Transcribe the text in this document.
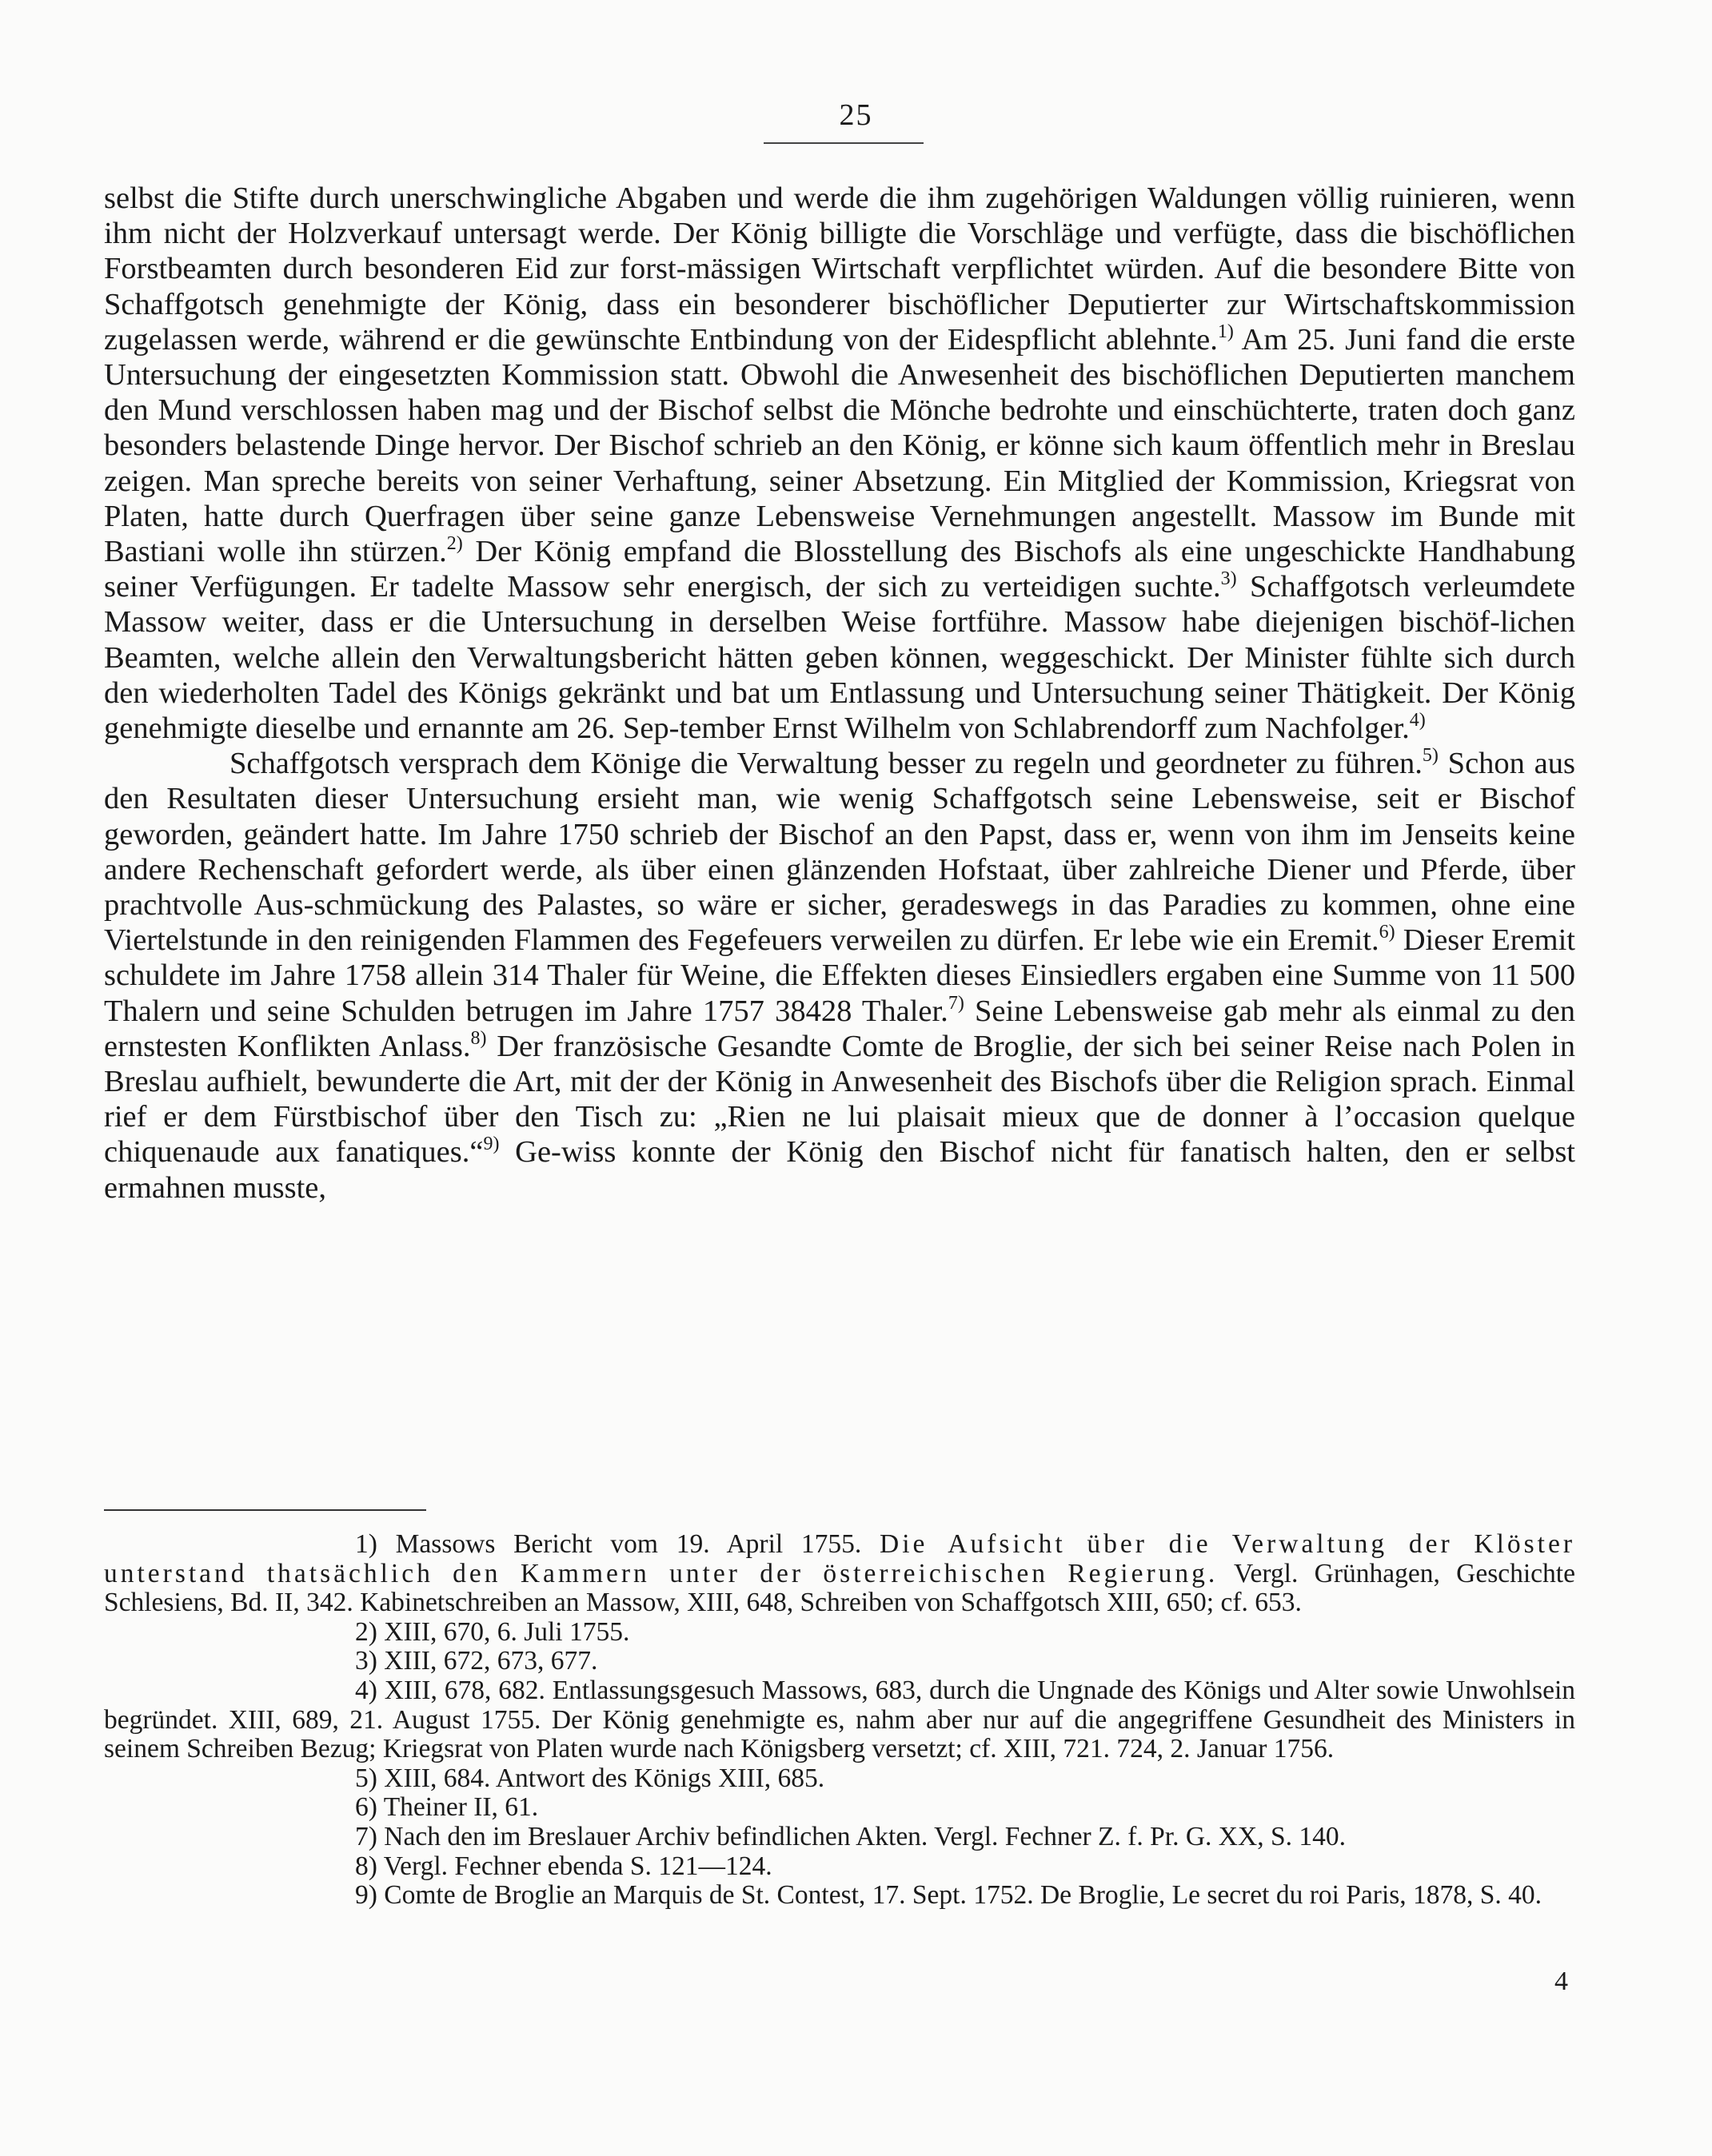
25

selbst die Stifte durch unerschwingliche Abgaben und werde die ihm zugehörigen Waldungen völlig ruinieren, wenn ihm nicht der Holzverkauf untersagt werde. Der König billigte die Vorschläge und verfügte, dass die bischöflichen Forstbeamten durch besonderen Eid zur forst-mässigen Wirtschaft verpflichtet würden. Auf die besondere Bitte von Schaffgotsch genehmigte der König, dass ein besonderer bischöflicher Deputierter zur Wirtschaftskommission zugelassen werde, während er die gewünschte Entbindung von der Eidespflicht ablehnte.$^{1)}$ Am 25. Juni fand die erste Untersuchung der eingesetzten Kommission statt. Obwohl die Anwesenheit des bischöflichen Deputierten manchem den Mund verschlossen haben mag und der Bischof selbst die Mönche bedrohte und einschüchterte, traten doch ganz besonders belastende Dinge hervor. Der Bischof schrieb an den König, er könne sich kaum öffentlich mehr in Breslau zeigen. Man spreche bereits von seiner Verhaftung, seiner Absetzung. Ein Mitglied der Kommission, Kriegsrat von Platen, hatte durch Querfragen über seine ganze Lebensweise Vernehmungen angestellt. Massow im Bunde mit Bastiani wolle ihn stürzen.$^{2)}$ Der König empfand die Blosstellung des Bischofs als eine ungeschickte Handhabung seiner Verfügungen. Er tadelte Massow sehr energisch, der sich zu verteidigen suchte.$^{3)}$ Schaffgotsch verleumdete Massow weiter, dass er die Untersuchung in derselben Weise fortführe. Massow habe diejenigen bischöf-lichen Beamten, welche allein den Verwaltungsbericht hätten geben können, weggeschickt. Der Minister fühlte sich durch den wiederholten Tadel des Königs gekränkt und bat um Entlassung und Untersuchung seiner Thätigkeit. Der König genehmigte dieselbe und ernannte am 26. Sep-tember Ernst Wilhelm von Schlabrendorff zum Nachfolger.$^{4)}$

Schaffgotsch versprach dem Könige die Verwaltung besser zu regeln und geordneter zu führen.$^{5)}$ Schon aus den Resultaten dieser Untersuchung ersieht man, wie wenig Schaffgotsch seine Lebensweise, seit er Bischof geworden, geändert hatte. Im Jahre 1750 schrieb der Bischof an den Papst, dass er, wenn von ihm im Jenseits keine andere Rechenschaft gefordert werde, als über einen glänzenden Hofstaat, über zahlreiche Diener und Pferde, über prachtvolle Aus-schmückung des Palastes, so wäre er sicher, geradeswegs in das Paradies zu kommen, ohne eine Viertelstunde in den reinigenden Flammen des Fegefeuers verweilen zu dürfen. Er lebe wie ein Eremit.$^{6)}$ Dieser Eremit schuldete im Jahre 1758 allein 314 Thaler für Weine, die Effekten dieses Einsiedlers ergaben eine Summe von 11 500 Thalern und seine Schulden betrugen im Jahre 1757 38428 Thaler.$^{7)}$ Seine Lebensweise gab mehr als einmal zu den ernstesten Konflikten Anlass.$^{8)}$ Der französische Gesandte Comte de Broglie, der sich bei seiner Reise nach Polen in Breslau aufhielt, bewunderte die Art, mit der der König in Anwesenheit des Bischofs über die Religion sprach. Einmal rief er dem Fürstbischof über den Tisch zu: „Rien ne lui plaisait mieux que de donner à l’occasion quelque chiquenaude aux fanatiques.“$^{9)}$ Ge-wiss konnte der König den Bischof nicht für fanatisch halten, den er selbst ermahnen musste,

1) Massows Bericht vom 19. April 1755. Die Aufsicht über die Verwaltung der Klöster unterstand thatsächlich den Kammern unter der österreichischen Regierung. Vergl. Grünhagen, Geschichte Schlesiens, Bd. II, 342. Kabinetschreiben an Massow, XIII, 648, Schreiben von Schaffgotsch XIII, 650; cf. 653.

2) XIII, 670, 6. Juli 1755.

3) XIII, 672, 673, 677.

4) XIII, 678, 682. Entlassungsgesuch Massows, 683, durch die Ungnade des Königs und Alter sowie Unwohlsein begründet. XIII, 689, 21. August 1755. Der König genehmigte es, nahm aber nur auf die angegriffene Gesundheit des Ministers in seinem Schreiben Bezug; Kriegsrat von Platen wurde nach Königsberg versetzt; cf. XIII, 721. 724, 2. Januar 1756.

5) XIII, 684. Antwort des Königs XIII, 685.

6) Theiner II, 61.

7) Nach den im Breslauer Archiv befindlichen Akten. Vergl. Fechner Z. f. Pr. G. XX, S. 140.

8) Vergl. Fechner ebenda S. 121—124.

9) Comte de Broglie an Marquis de St. Contest, 17. Sept. 1752. De Broglie, Le secret du roi Paris, 1878, S. 40.

4
